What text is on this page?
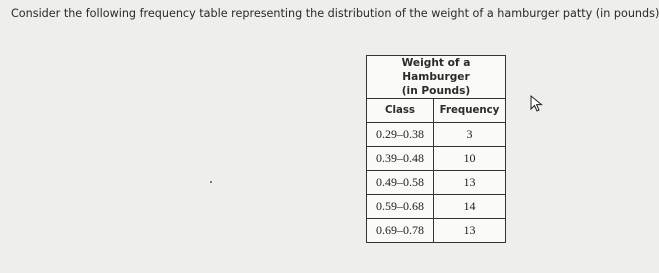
Consider the following frequency table representing the distribution of the weight of a hamburger patty (in pounds)
Weight of a Hamburger
(in Pounds)	

Class	Frequency
0.29–0.38	3
0.39–0.48	10
0.49–0.58	13
0.59–0.68	14
0.69–0.78	13
